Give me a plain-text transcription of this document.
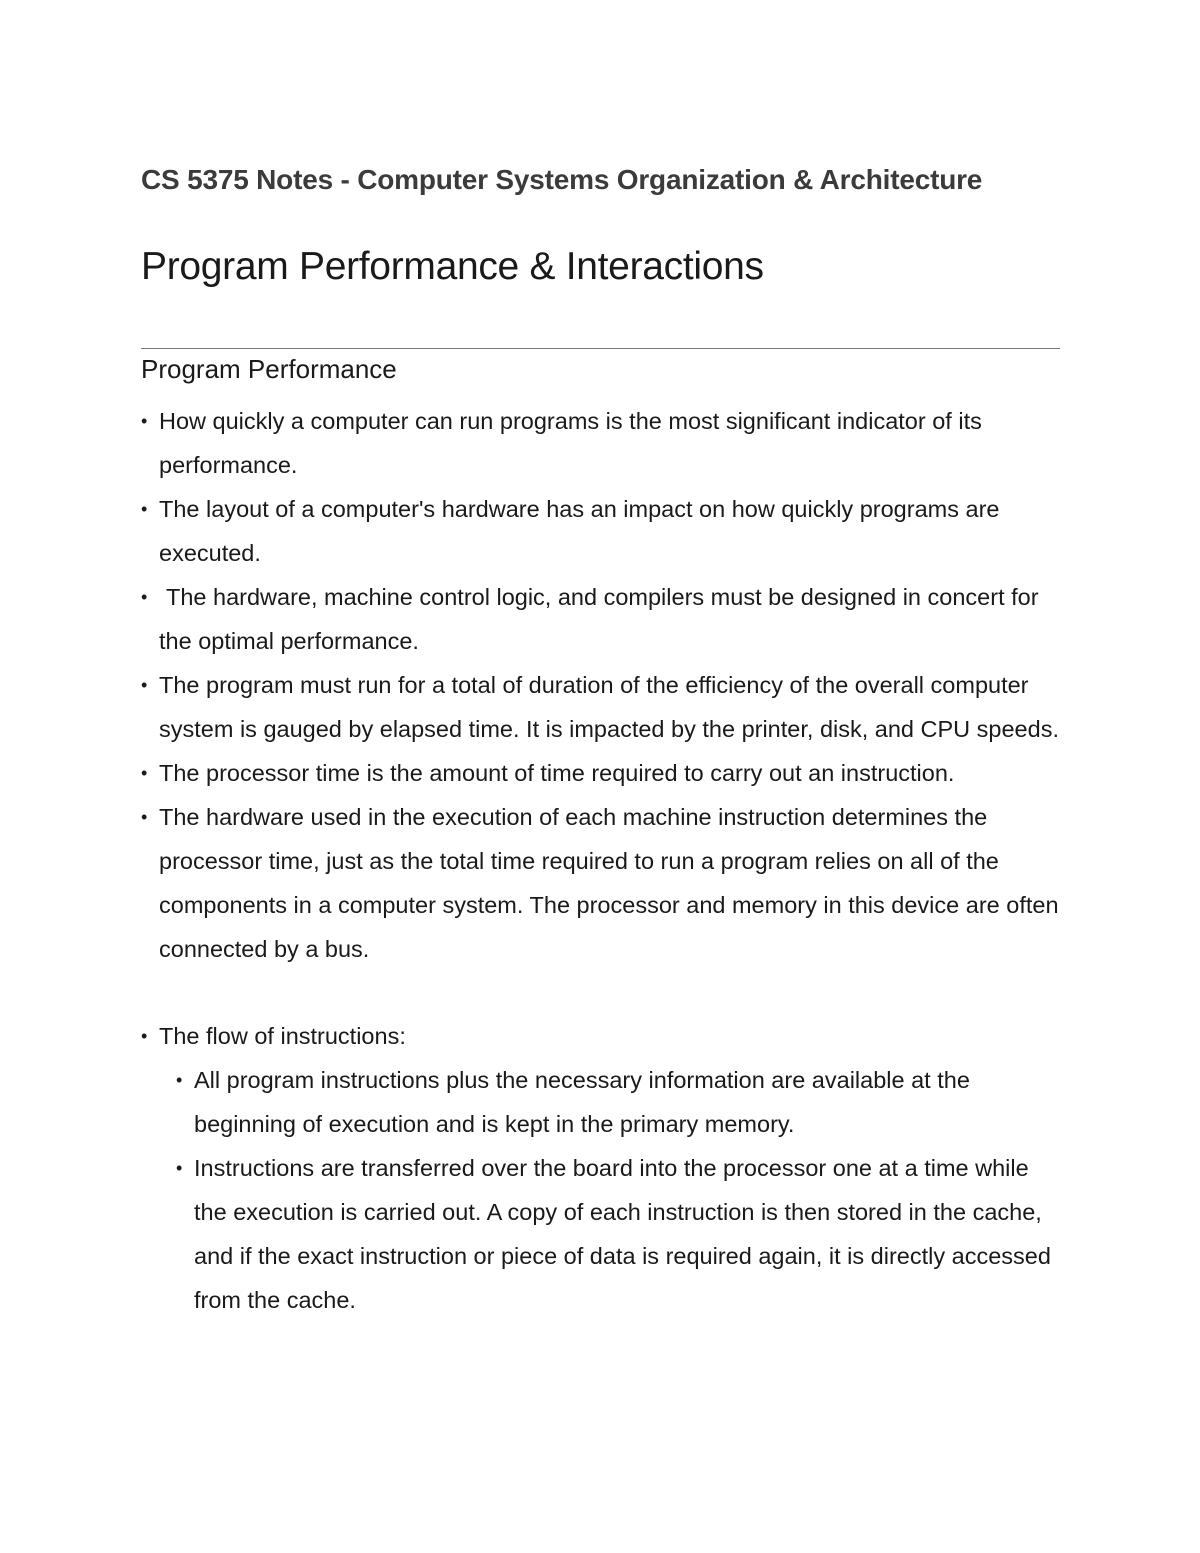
CS 5375 Notes - Computer Systems Organization & Architecture
Program Performance & Interactions
Program Performance
• How quickly a computer can run programs is the most significant indicator of its performance.
• The layout of a computer's hardware has an impact on how quickly programs are executed.
• The hardware, machine control logic, and compilers must be designed in concert for the optimal performance.
• The program must run for a total of duration of the efficiency of the overall computer system is gauged by elapsed time. It is impacted by the printer, disk, and CPU speeds.
• The processor time is the amount of time required to carry out an instruction.
• The hardware used in the execution of each machine instruction determines the processor time, just as the total time required to run a program relies on all of the components in a computer system. The processor and memory in this device are often connected by a bus.
• The flow of instructions:
• All program instructions plus the necessary information are available at the beginning of execution and is kept in the primary memory.
• Instructions are transferred over the board into the processor one at a time while the execution is carried out. A copy of each instruction is then stored in the cache, and if the exact instruction or piece of data is required again, it is directly accessed from the cache.
